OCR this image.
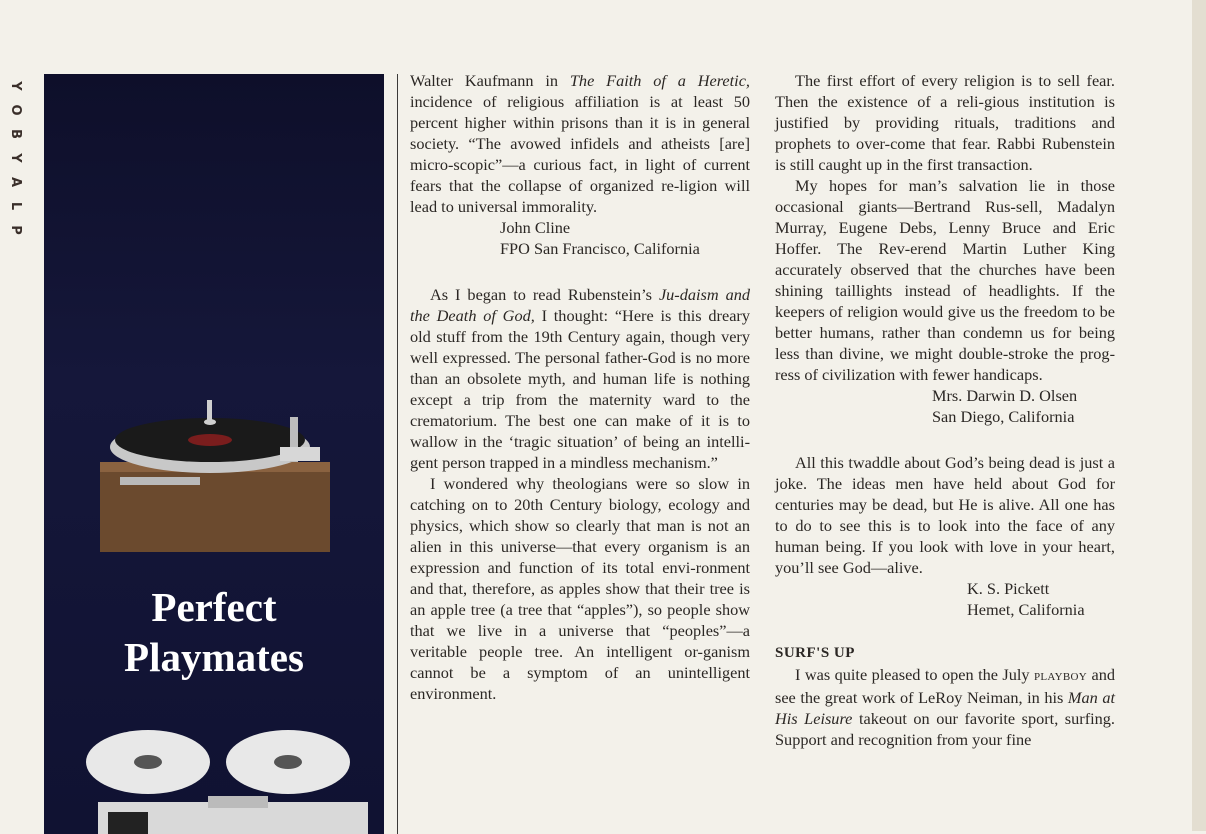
Y
O
B
Y
A
L
P
Perfect
Playmates

Walter Kaufmann in The Faith of a Heretic, incidence of religious affiliation is at least 50 percent higher within prisons than it is in general society. “The avowed infidels and atheists [are] micro-scopic”—a curious fact, in light of current fears that the collapse of organized re-ligion will lead to universal immorality.

John Cline

FPO San Francisco, California

As I began to read Rubenstein’s Ju-daism and the Death of God, I thought: “Here is this dreary old stuff from the 19th Century again, though very well expressed. The personal father-God is no more than an obsolete myth, and human life is nothing except a trip from the maternity ward to the crematorium. The best one can make of it is to wallow in the ‘tragic situation’ of being an intelli-gent person trapped in a mindless mechanism.”

I wondered why theologians were so slow in catching on to 20th Century biology, ecology and physics, which show so clearly that man is not an alien in this universe—that every organism is an expression and function of its total envi-ronment and that, therefore, as apples show that their tree is an apple tree (a tree that “apples”), so people show that we live in a universe that “peoples”—a veritable people tree. An intelligent or-ganism cannot be a symptom of an unintelligent environment.

The first effort of every religion is to sell fear. Then the existence of a reli-gious institution is justified by providing rituals, traditions and prophets to over-come that fear. Rabbi Rubenstein is still caught up in the first transaction.

My hopes for man’s salvation lie in those occasional giants—Bertrand Rus-sell, Madalyn Murray, Eugene Debs, Lenny Bruce and Eric Hoffer. The Rev-erend Martin Luther King accurately observed that the churches have been shining taillights instead of headlights. If the keepers of religion would give us the freedom to be better humans, rather than condemn us for being less than divine, we might double-stroke the prog-ress of civilization with fewer handicaps.

Mrs. Darwin D. Olsen

San Diego, California

All this twaddle about God’s being dead is just a joke. The ideas men have held about God for centuries may be dead, but He is alive. All one has to do to see this is to look into the face of any human being. If you look with love in your heart, you’ll see God—alive.

K. S. Pickett

Hemet, California

SURF'S UP

I was quite pleased to open the July playboy and see the great work of LeRoy Neiman, in his Man at His Leisure takeout on our favorite sport, surfing. Support and recognition from your fine
